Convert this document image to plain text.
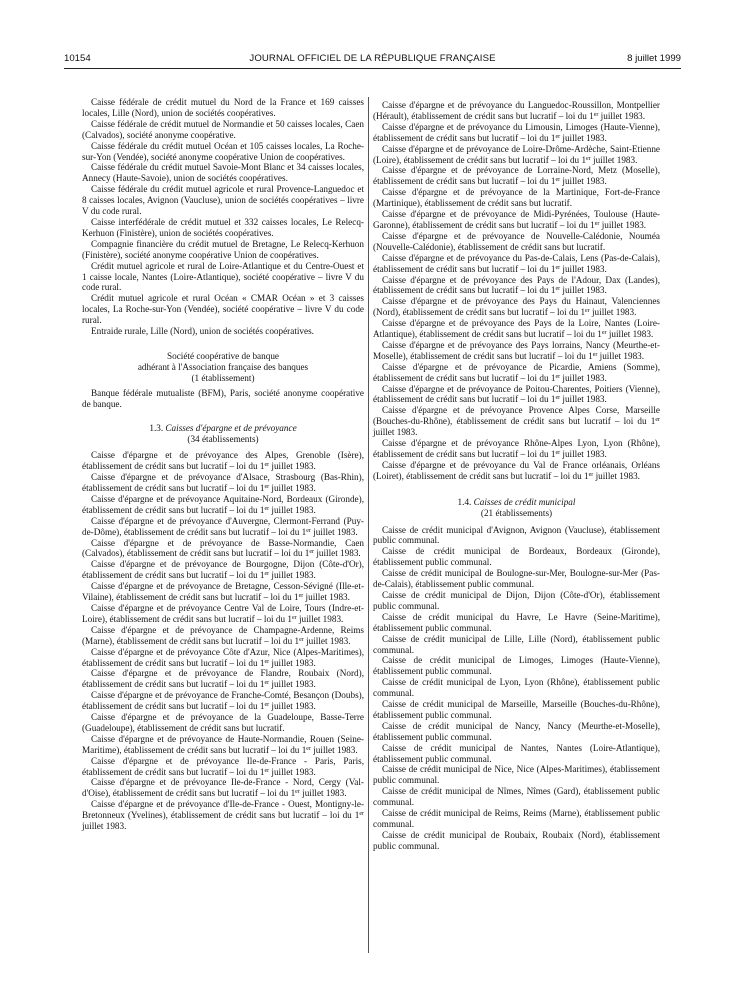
10154	JOURNAL OFFICIEL DE LA RÉPUBLIQUE FRANÇAISE	8 juillet 1999

Caisse fédérale de crédit mutuel du Nord de la France et 169 caisses locales, Lille (Nord), union de sociétés coopératives.

Caisse fédérale de crédit mutuel de Normandie et 50 caisses locales, Caen (Calvados), société anonyme coopérative.

Caisse fédérale du crédit mutuel Océan et 105 caisses locales, La Roche-sur-Yon (Vendée), société anonyme coopérative Union de coopératives.

Caisse fédérale du crédit mutuel Savoie-Mont Blanc et 34 caisses locales, Annecy (Haute-Savoie), union de sociétés coopératives.

Caisse fédérale du crédit mutuel agricole et rural Provence-Languedoc et 8 caisses locales, Avignon (Vaucluse), union de sociétés coopératives – livre V du code rural.

Caisse interfédérale de crédit mutuel et 332 caisses locales, Le Relecq-Kerhuon (Finistère), union de sociétés coopératives.

Compagnie financière du crédit mutuel de Bretagne, Le Relecq-Kerhuon (Finistère), société anonyme coopérative Union de coopératives.

Crédit mutuel agricole et rural de Loire-Atlantique et du Centre-Ouest et 1 caisse locale, Nantes (Loire-Atlantique), société coopérative – livre V du code rural.

Crédit mutuel agricole et rural Océan « CMAR Océan » et 3 caisses locales, La Roche-sur-Yon (Vendée), société coopérative – livre V du code rural.

Entraide rurale, Lille (Nord), union de sociétés coopératives.

Société coopérative de banque

adhérant à l'Association française des banques

(1 établissement)

Banque fédérale mutualiste (BFM), Paris, société anonyme coopérative de banque.

1.3. Caisses d'épargne et de prévoyance

(34 établissements)

Caisse d'épargne et de prévoyance des Alpes, Grenoble (Isère), établissement de crédit sans but lucratif – loi du 1er juillet 1983.

Caisse d'épargne et de prévoyance d'Alsace, Strasbourg (Bas-Rhin), établissement de crédit sans but lucratif – loi du 1er juillet 1983.

Caisse d'épargne et de prévoyance Aquitaine-Nord, Bordeaux (Gironde), établissement de crédit sans but lucratif – loi du 1er juillet 1983.

Caisse d'épargne et de prévoyance d'Auvergne, Clermont-Ferrand (Puy-de-Dôme), établissement de crédit sans but lucratif – loi du 1er juillet 1983.

Caisse d'épargne et de prévoyance de Basse-Normandie, Caen (Calvados), établissement de crédit sans but lucratif – loi du 1er juillet 1983.

Caisse d'épargne et de prévoyance de Bourgogne, Dijon (Côte-d'Or), établissement de crédit sans but lucratif – loi du 1er juillet 1983.

Caisse d'épargne et de prévoyance de Bretagne, Cesson-Sévigné (Ille-et-Vilaine), établissement de crédit sans but lucratif – loi du 1er juillet 1983.

Caisse d'épargne et de prévoyance Centre Val de Loire, Tours (Indre-et-Loire), établissement de crédit sans but lucratif – loi du 1er juillet 1983.

Caisse d'épargne et de prévoyance de Champagne-Ardenne, Reims (Marne), établissement de crédit sans but lucratif – loi du 1er juillet 1983.

Caisse d'épargne et de prévoyance Côte d'Azur, Nice (Alpes-Maritimes), établissement de crédit sans but lucratif – loi du 1er juillet 1983.

Caisse d'épargne et de prévoyance de Flandre, Roubaix (Nord), établissement de crédit sans but lucratif – loi du 1er juillet 1983.

Caisse d'épargne et de prévoyance de Franche-Comté, Besançon (Doubs), établissement de crédit sans but lucratif – loi du 1er juillet 1983.

Caisse d'épargne et de prévoyance de la Guadeloupe, Basse-Terre (Guadeloupe), établissement de crédit sans but lucratif.

Caisse d'épargne et de prévoyance de Haute-Normandie, Rouen (Seine-Maritime), établissement de crédit sans but lucratif – loi du 1er juillet 1983.

Caisse d'épargne et de prévoyance Ile-de-France - Paris, Paris, établissement de crédit sans but lucratif – loi du 1er juillet 1983.

Caisse d'épargne et de prévoyance Ile-de-France - Nord, Cergy (Val-d'Oise), établissement de crédit sans but lucratif – loi du 1er juillet 1983.

Caisse d'épargne et de prévoyance d'Ile-de-France - Ouest, Montigny-le-Bretonneux (Yvelines), établissement de crédit sans but lucratif – loi du 1er juillet 1983.

Caisse d'épargne et de prévoyance du Languedoc-Roussillon, Montpellier (Hérault), établissement de crédit sans but lucratif – loi du 1er juillet 1983.

Caisse d'épargne et de prévoyance du Limousin, Limoges (Haute-Vienne), établissement de crédit sans but lucratif – loi du 1er juillet 1983.

Caisse d'épargne et de prévoyance de Loire-Drôme-Ardèche, Saint-Etienne (Loire), établissement de crédit sans but lucratif – loi du 1er juillet 1983.

Caisse d'épargne et de prévoyance de Lorraine-Nord, Metz (Moselle), établissement de crédit sans but lucratif – loi du 1er juillet 1983.

Caisse d'épargne et de prévoyance de la Martinique, Fort-de-France (Martinique), établissement de crédit sans but lucratif.

Caisse d'épargne et de prévoyance de Midi-Pyrénées, Toulouse (Haute-Garonne), établissement de crédit sans but lucratif – loi du 1er juillet 1983.

Caisse d'épargne et de prévoyance de Nouvelle-Calédonie, Nouméa (Nouvelle-Calédonie), établissement de crédit sans but lucratif.

Caisse d'épargne et de prévoyance du Pas-de-Calais, Lens (Pas-de-Calais), établissement de crédit sans but lucratif – loi du 1er juillet 1983.

Caisse d'épargne et de prévoyance des Pays de l'Adour, Dax (Landes), établissement de crédit sans but lucratif – loi du 1er juillet 1983.

Caisse d'épargne et de prévoyance des Pays du Hainaut, Valenciennes (Nord), établissement de crédit sans but lucratif – loi du 1er juillet 1983.

Caisse d'épargne et de prévoyance des Pays de la Loire, Nantes (Loire-Atlantique), établissement de crédit sans but lucratif – loi du 1er juillet 1983.

Caisse d'épargne et de prévoyance des Pays lorrains, Nancy (Meurthe-et-Moselle), établissement de crédit sans but lucratif – loi du 1er juillet 1983.

Caisse d'épargne et de prévoyance de Picardie, Amiens (Somme), établissement de crédit sans but lucratif – loi du 1er juillet 1983.

Caisse d'épargne et de prévoyance de Poitou-Charentes, Poitiers (Vienne), établissement de crédit sans but lucratif – loi du 1er juillet 1983.

Caisse d'épargne et de prévoyance Provence Alpes Corse, Marseille (Bouches-du-Rhône), établissement de crédit sans but lucratif – loi du 1er juillet 1983.

Caisse d'épargne et de prévoyance Rhône-Alpes Lyon, Lyon (Rhône), établissement de crédit sans but lucratif – loi du 1er juillet 1983.

Caisse d'épargne et de prévoyance du Val de France orléanais, Orléans (Loiret), établissement de crédit sans but lucratif – loi du 1er juillet 1983.

1.4. Caisses de crédit municipal

(21 établissements)

Caisse de crédit municipal d'Avignon, Avignon (Vaucluse), établissement public communal.

Caisse de crédit municipal de Bordeaux, Bordeaux (Gironde), établissement public communal.

Caisse de crédit municipal de Boulogne-sur-Mer, Boulogne-sur-Mer (Pas-de-Calais), établissement public communal.

Caisse de crédit municipal de Dijon, Dijon (Côte-d'Or), établissement public communal.

Caisse de crédit municipal du Havre, Le Havre (Seine-Maritime), établissement public communal.

Caisse de crédit municipal de Lille, Lille (Nord), établissement public communal.

Caisse de crédit municipal de Limoges, Limoges (Haute-Vienne), établissement public communal.

Caisse de crédit municipal de Lyon, Lyon (Rhône), établissement public communal.

Caisse de crédit municipal de Marseille, Marseille (Bouches-du-Rhône), établissement public communal.

Caisse de crédit municipal de Nancy, Nancy (Meurthe-et-Moselle), établissement public communal.

Caisse de crédit municipal de Nantes, Nantes (Loire-Atlantique), établissement public communal.

Caisse de crédit municipal de Nice, Nice (Alpes-Maritimes), établissement public communal.

Caisse de crédit municipal de Nîmes, Nîmes (Gard), établissement public communal.

Caisse de crédit municipal de Reims, Reims (Marne), établissement public communal.

Caisse de crédit municipal de Roubaix, Roubaix (Nord), établissement public communal.
